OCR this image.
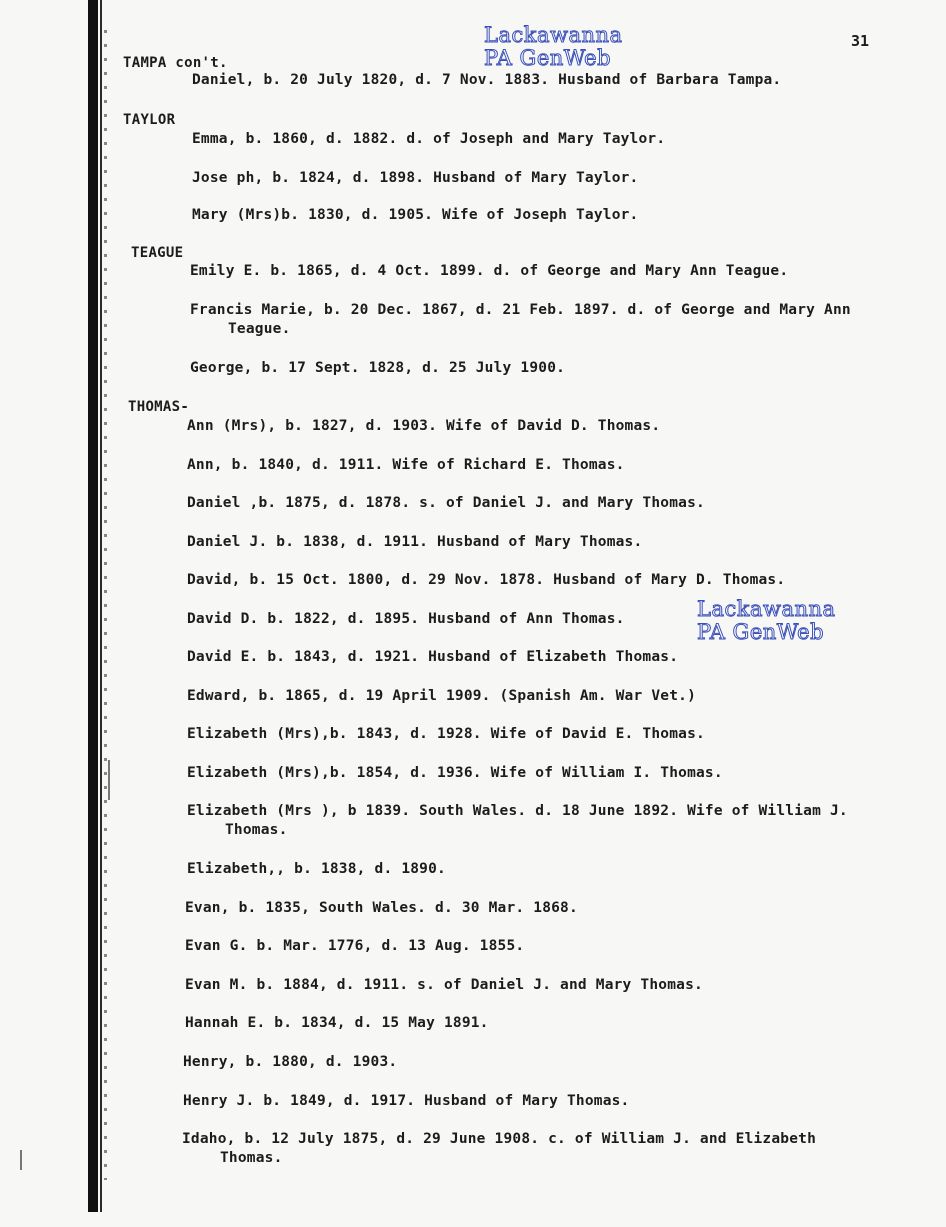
Lackawanna
PA GenWeb
Lackawanna
PA GenWeb
31
TAMPA con't.
Daniel, b. 20 July 1820, d. 7 Nov. 1883. Husband of Barbara Tampa.
TAYLOR
Emma, b. 1860, d. 1882. d. of Joseph and Mary Taylor.
Jose ph, b. 1824, d. 1898. Husband of Mary Taylor.
Mary (Mrs)b. 1830, d. 1905. Wife of Joseph Taylor.
TEAGUE
Emily E. b. 1865, d. 4 Oct. 1899. d. of George and Mary Ann Teague.
Francis Marie, b. 20 Dec. 1867, d. 21 Feb. 1897. d. of George and Mary Ann
Teague.
George, b. 17 Sept. 1828, d. 25 July 1900.
THOMAS-
Ann (Mrs), b. 1827, d. 1903. Wife of David D. Thomas.
Ann, b. 1840, d. 1911. Wife of Richard E. Thomas.
Daniel ,b. 1875, d. 1878. s. of Daniel J. and Mary Thomas.
Daniel J. b. 1838, d. 1911. Husband of Mary Thomas.
David, b. 15 Oct. 1800, d. 29 Nov. 1878. Husband of Mary D. Thomas.
David D. b. 1822, d. 1895. Husband of Ann Thomas.
David E. b. 1843, d. 1921. Husband of Elizabeth Thomas.
Edward, b. 1865, d. 19 April 1909. (Spanish Am. War Vet.)
Elizabeth (Mrs),b. 1843, d. 1928. Wife of David E. Thomas.
Elizabeth (Mrs),b. 1854, d. 1936. Wife of William I. Thomas.
Elizabeth (Mrs ), b 1839. South Wales. d. 18 June 1892. Wife of William J.
Thomas.
Elizabeth,, b. 1838, d. 1890.
Evan, b. 1835, South Wales. d. 30 Mar. 1868.
Evan G. b. Mar. 1776, d. 13 Aug. 1855.
Evan M. b. 1884, d. 1911. s. of Daniel J. and Mary Thomas.
Hannah E. b. 1834, d. 15 May 1891.
Henry, b. 1880, d. 1903.
Henry J. b. 1849, d. 1917. Husband of Mary Thomas.
Idaho, b. 12 July 1875, d. 29 June 1908. c. of William J. and Elizabeth
Thomas.
